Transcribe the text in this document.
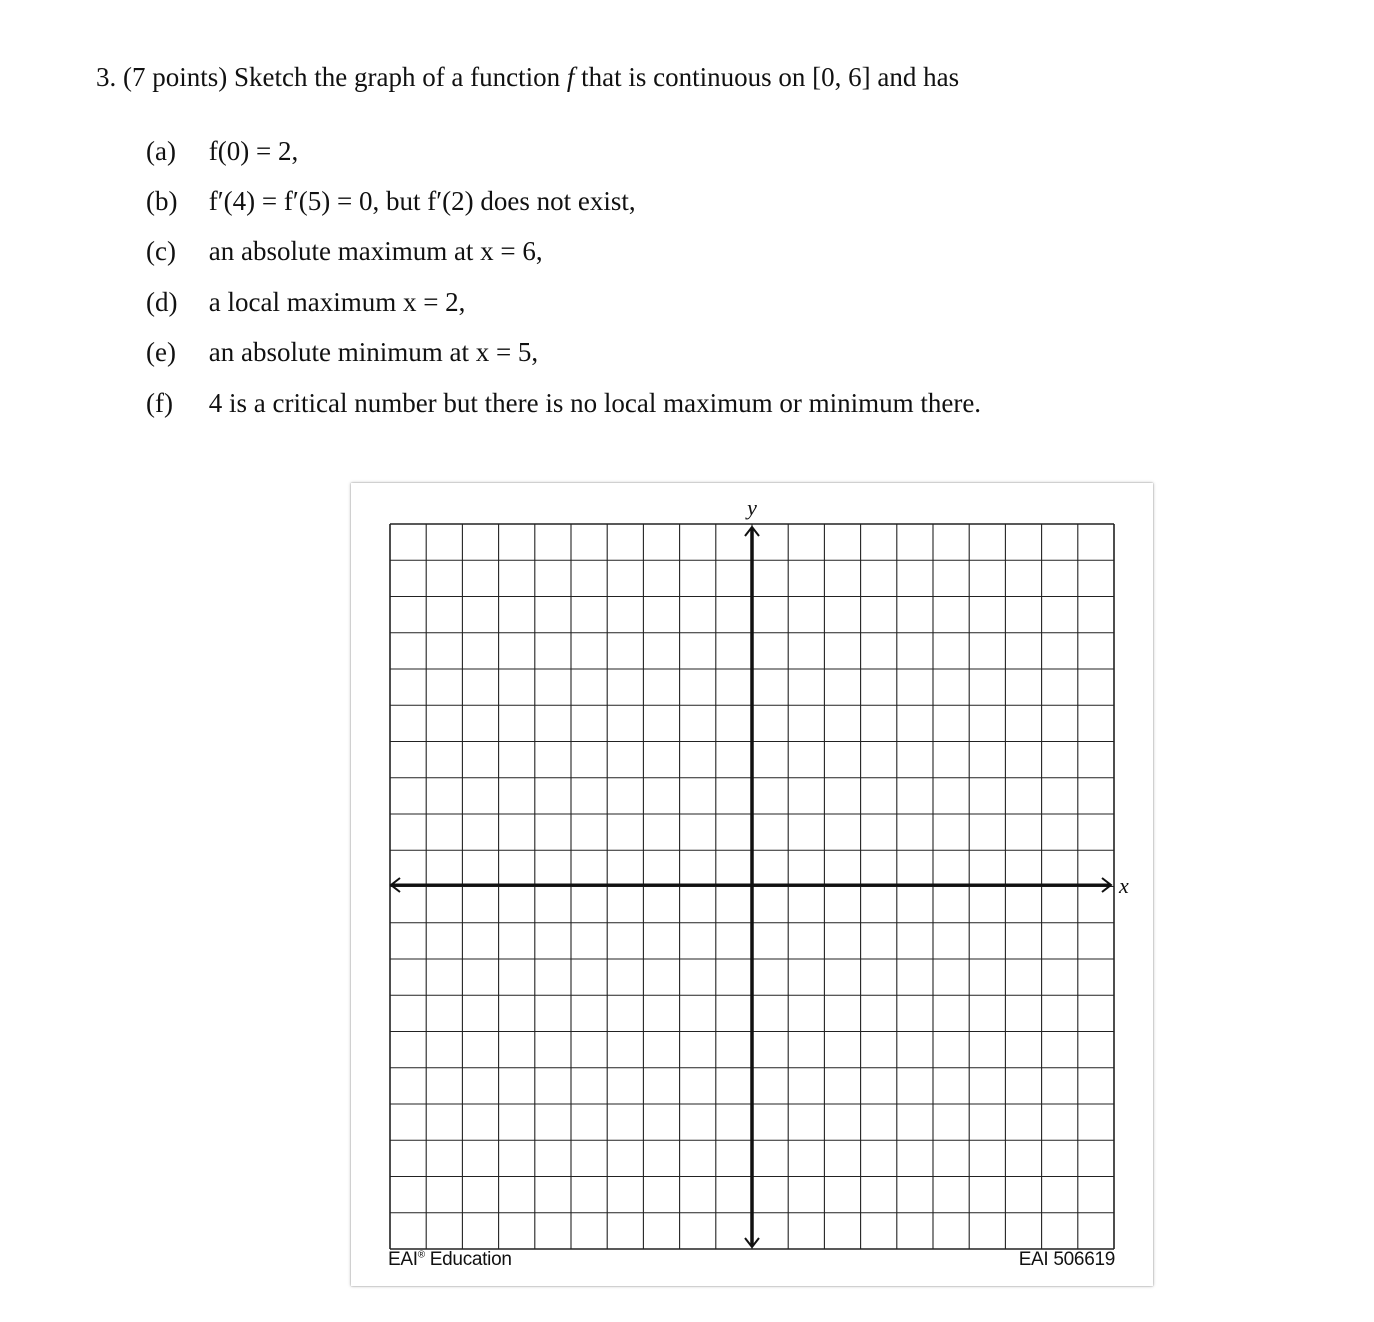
3. (7 points) Sketch the graph of a function f that is continuous on [0, 6] and has
(a) f(0) = 2,
(b) f′(4) = f′(5) = 0, but f′(2) does not exist,
(c) an absolute maximum at x = 6,
(d) a local maximum x = 2,
(e) an absolute minimum at x = 5,
(f) 4 is a critical number but there is no local maximum or minimum there.
y
x
EAI® Education	EAI 506619
